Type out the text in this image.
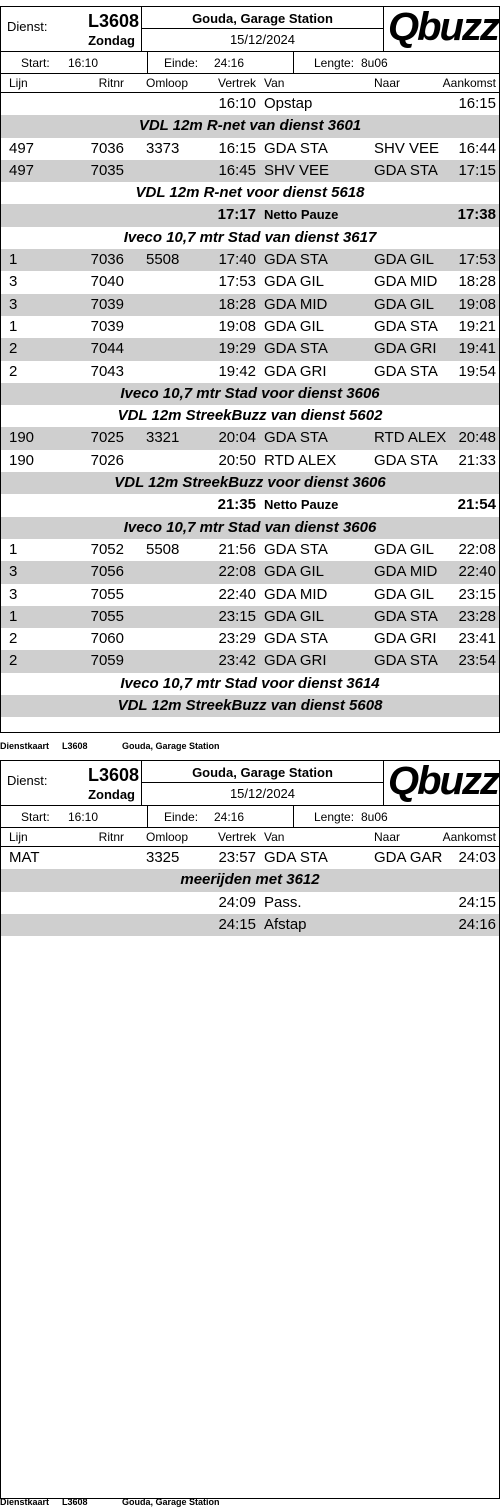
Dienst: L3608
Zondag
Gouda, Garage Station
15/12/2024	Qbuzz
Start: 16:10	Einde: 24:16	Lengte: 8u06
Lijn	Ritnr Omloop Vertrek Van	Naar	Aankomst
16:10 Opstap	16:15
VDL 12m R-net van dienst 3601
497	7036 3373	16:15 GDA STA	SHV VEE 16:44
497	7035	16:45 SHV VEE	GDA STA 17:15
VDL 12m R-net voor dienst 5618
17:17 Netto Pauze	17:38
Iveco 10,7 mtr Stad van dienst 3617
1	7036 5508	17:40 GDA STA	GDA GIL 17:53
3	7040	17:53 GDA GIL	GDA MID 18:28
3	7039	18:28 GDA MID	GDA GIL 19:08
1	7039	19:08 GDA GIL	GDA STA 19:21
2	7044	19:29 GDA STA	GDA GRI 19:41
2	7043	19:42 GDA GRI	GDA STA 19:54
Iveco 10,7 mtr Stad voor dienst 3606
VDL 12m StreekBuzz van dienst 5602
190	7025 3321	20:04 GDA STA	RTD ALEX 20:48
190	7026	20:50 RTD ALEX	GDA STA 21:33
VDL 12m StreekBuzz voor dienst 3606
21:35 Netto Pauze	21:54
Iveco 10,7 mtr Stad van dienst 3606
1	7052 5508	21:56 GDA STA	GDA GIL 22:08
3	7056	22:08 GDA GIL	GDA MID 22:40
3	7055	22:40 GDA MID	GDA GIL 23:15
1	7055	23:15 GDA GIL	GDA STA 23:28
2	7060	23:29 GDA STA	GDA GRI 23:41
2	7059	23:42 GDA GRI	GDA STA 23:54
Iveco 10,7 mtr Stad voor dienst 3614
VDL 12m StreekBuzz van dienst 5608
Dienstkaart L3608	Gouda, Garage Station
Dienst: L3608
Zondag
Gouda, Garage Station
15/12/2024	Qbuzz
Start: 16:10	Einde: 24:16	Lengte: 8u06
Lijn	Ritnr Omloop Vertrek Van	Naar	Aankomst
MAT	3325	23:57 GDA STA	GDA GAR 24:03
meerijden met 3612
24:09 Pass.	24:15
24:15 Afstap	24:16
Dienstkaart L3608	Gouda, Garage Station
